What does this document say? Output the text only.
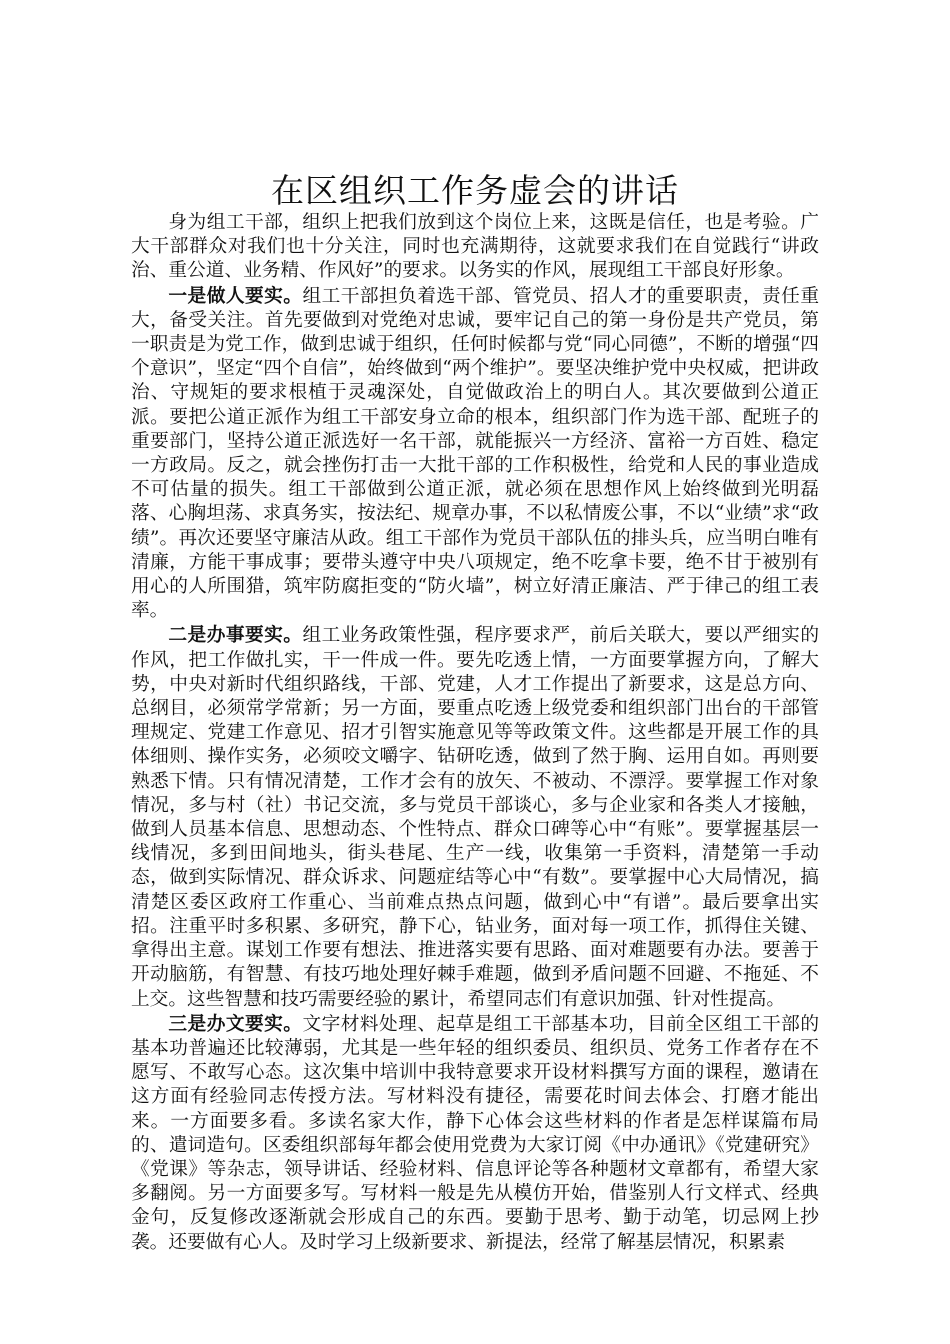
在区组织工作务虚会的讲话

身为组工干部，组织上把我们放到这个岗位上来，这既是信任，也是考验。广大干部群众对我们也十分关注，同时也充满期待，这就要求我们在自觉践行“讲政治、重公道、业务精、作风好”的要求。以务实的作风，展现组工干部良好形象。

一是做人要实。组工干部担负着选干部、管党员、招人才的重要职责，责任重大，备受关注。首先要做到对党绝对忠诚，要牢记自己的第一身份是共产党员，第一职责是为党工作，做到忠诚于组织，任何时候都与党“同心同德”，不断的增强“四个意识”，坚定“四个自信”，始终做到“两个维护”。要坚决维护党中央权威，把讲政治、守规矩的要求根植于灵魂深处，自觉做政治上的明白人。其次要做到公道正派。要把公道正派作为组工干部安身立命的根本，组织部门作为选干部、配班子的重要部门，坚持公道正派选好一名干部，就能振兴一方经济、富裕一方百姓、稳定一方政局。反之，就会挫伤打击一大批干部的工作积极性，给党和人民的事业造成不可估量的损失。组工干部做到公道正派，就必须在思想作风上始终做到光明磊落、心胸坦荡、求真务实，按法纪、规章办事，不以私情废公事，不以“业绩”求“政绩”。再次还要坚守廉洁从政。组工干部作为党员干部队伍的排头兵，应当明白唯有清廉，方能干事成事；要带头遵守中央八项规定，绝不吃拿卡要，绝不甘于被别有用心的人所围猎，筑牢防腐拒变的“防火墙”，树立好清正廉洁、严于律己的组工表率。

二是办事要实。组工业务政策性强，程序要求严，前后关联大，要以严细实的作风，把工作做扎实，干一件成一件。要先吃透上情，一方面要掌握方向，了解大势，中央对新时代组织路线，干部、党建，人才工作提出了新要求，这是总方向、总纲目，必须常学常新；另一方面，要重点吃透上级党委和组织部门出台的干部管理规定、党建工作意见、招才引智实施意见等等政策文件。这些都是开展工作的具体细则、操作实务，必须咬文嚼字、钻研吃透，做到了然于胸、运用自如。再则要熟悉下情。只有情况清楚，工作才会有的放矢、不被动、不漂浮。要掌握工作对象情况，多与村（社）书记交流，多与党员干部谈心，多与企业家和各类人才接触，做到人员基本信息、思想动态、个性特点、群众口碑等心中“有账”。要掌握基层一线情况，多到田间地头，街头巷尾、生产一线，收集第一手资料，清楚第一手动态，做到实际情况、群众诉求、问题症结等心中“有数”。要掌握中心大局情况，搞清楚区委区政府工作重心、当前难点热点问题，做到心中“有谱”。最后要拿出实招。注重平时多积累、多研究，静下心，钻业务，面对每一项工作，抓得住关键、拿得出主意。谋划工作要有想法、推进落实要有思路、面对难题要有办法。要善于开动脑筋，有智慧、有技巧地处理好棘手难题，做到矛盾问题不回避、不拖延、不上交。这些智慧和技巧需要经验的累计，希望同志们有意识加强、针对性提高。

三是办文要实。文字材料处理、起草是组工干部基本功，目前全区组工干部的基本功普遍还比较薄弱，尤其是一些年轻的组织委员、组织员、党务工作者存在不愿写、不敢写心态。这次集中培训中我特意要求开设材料撰写方面的课程，邀请在这方面有经验同志传授方法。写材料没有捷径，需要花时间去体会、打磨才能出来。一方面要多看。多读名家大作，静下心体会这些材料的作者是怎样谋篇布局的、遣词造句。区委组织部每年都会使用党费为大家订阅《中办通讯》《党建研究》《党课》等杂志，领导讲话、经验材料、信息评论等各种题材文章都有，希望大家多翻阅。另一方面要多写。写材料一般是先从模仿开始，借鉴别人行文样式、经典金句，反复修改逐渐就会形成自己的东西。要勤于思考、勤于动笔，切忌网上抄袭。还要做有心人。及时学习上级新要求、新提法，经常了解基层情况，积累素
